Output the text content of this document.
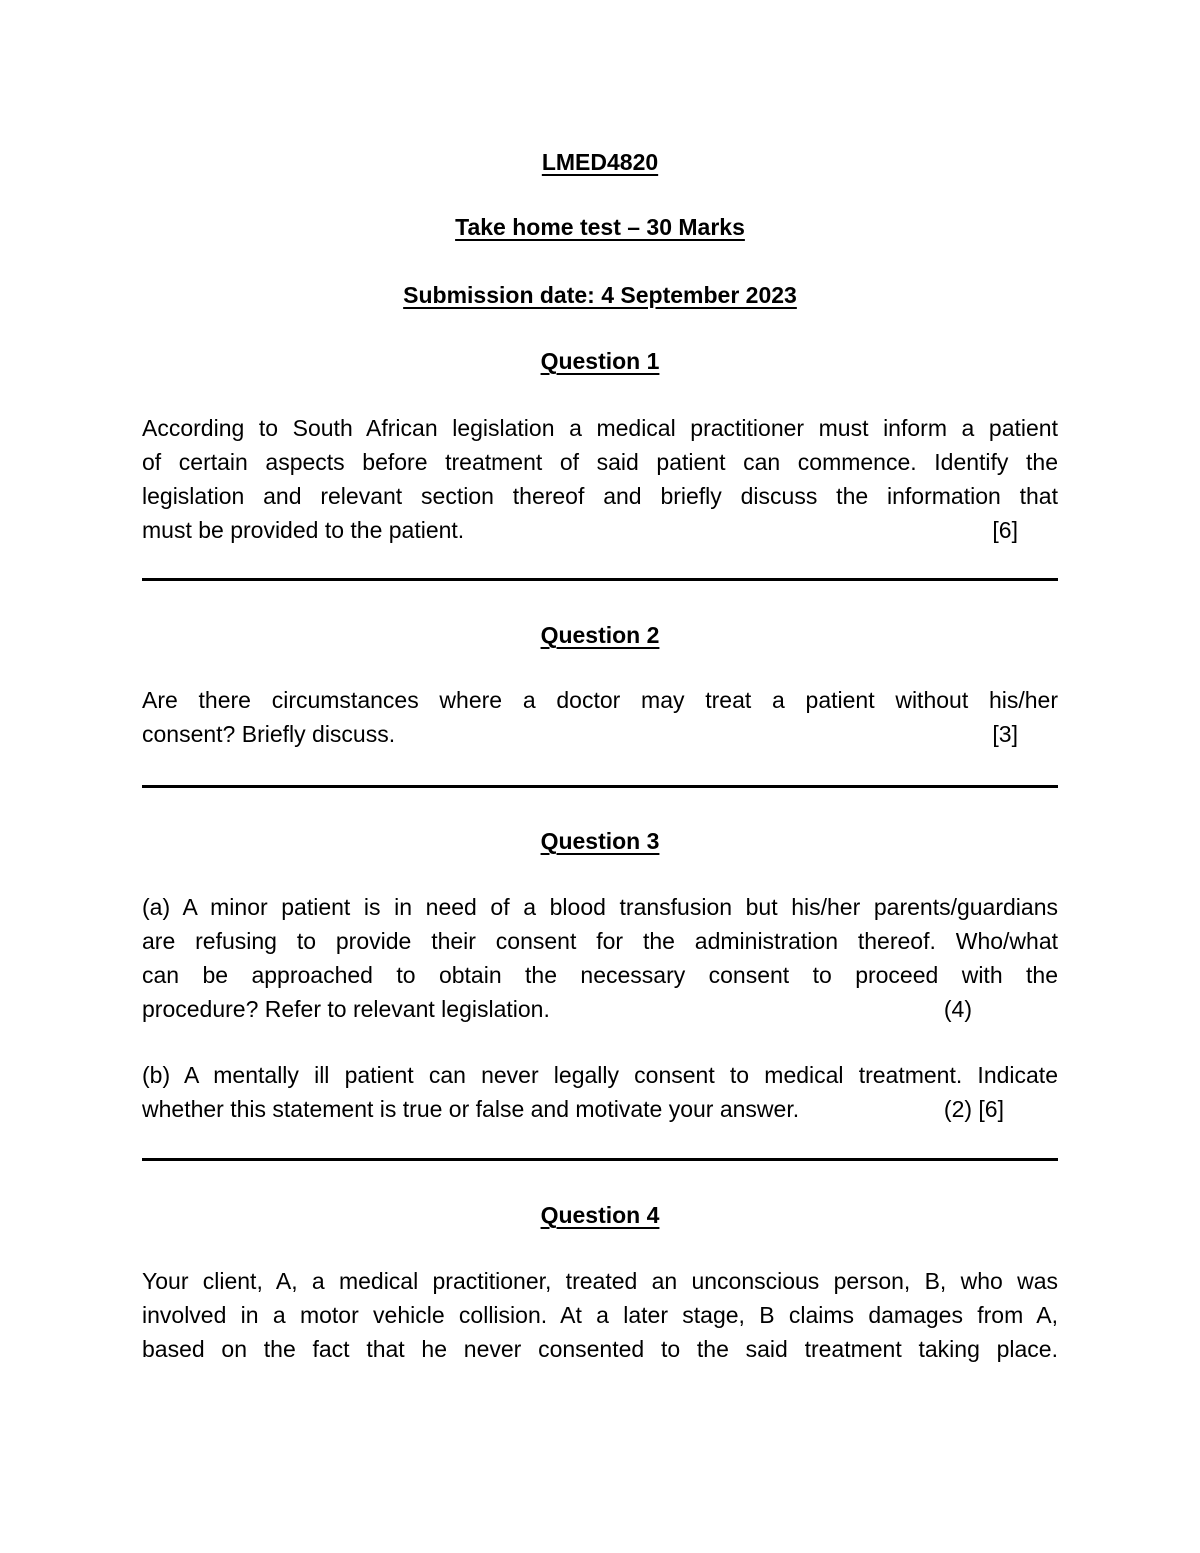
LMED4820
Take home test – 30 Marks
Submission date: 4 September 2023
Question 1
According to South African legislation a medical practitioner must inform a patient
of certain aspects before treatment of said patient can commence. Identify the
legislation and relevant section thereof and briefly discuss the information that
must be provided to the patient.	[6]
Question 2
Are there circumstances where a doctor may treat a patient without his/her
consent? Briefly discuss.	[3]
Question 3
(a) A minor patient is in need of a blood transfusion but his/her parents/guardians
are refusing to provide their consent for the administration thereof. Who/what
can be approached to obtain the necessary consent to proceed with the
procedure? Refer to relevant legislation.	(4)
(b) A mentally ill patient can never legally consent to medical treatment. Indicate
whether this statement is true or false and motivate your answer.	(2) [6]
Question 4
Your client, A, a medical practitioner, treated an unconscious person, B, who was
involved in a motor vehicle collision. At a later stage, B claims damages from A,
based on the fact that he never consented to the said treatment taking place.
